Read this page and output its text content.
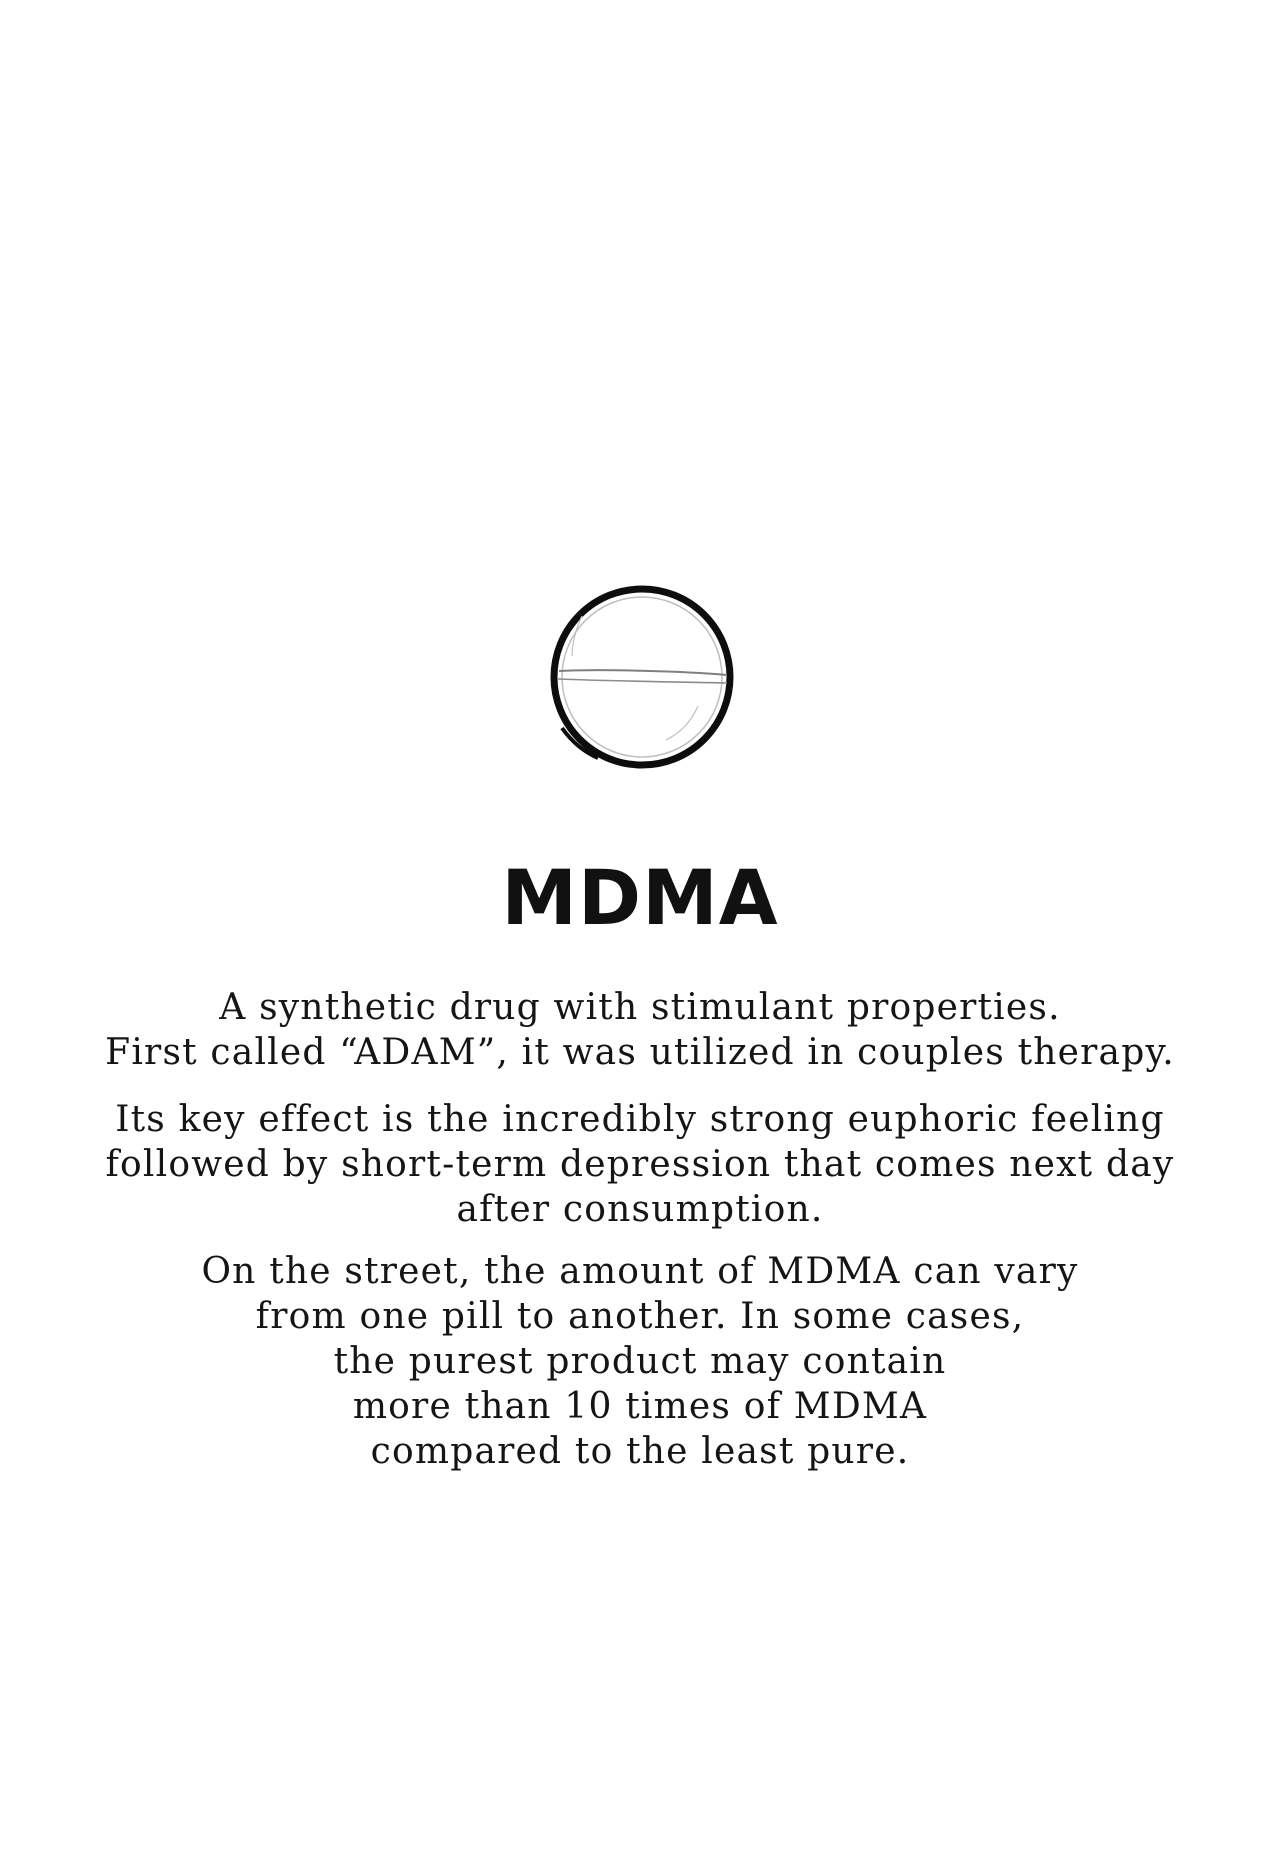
MDMA
A synthetic drug with stimulant properties.
First called “ADAM”, it was utilized in couples therapy.
Its key effect is the incredibly strong euphoric feeling
followed by short-term depression that comes next day
after consumption.
On the street, the amount of MDMA can vary
from one pill to another. In some cases,
the purest product may contain
more than 10 times of MDMA
compared to the least pure.
